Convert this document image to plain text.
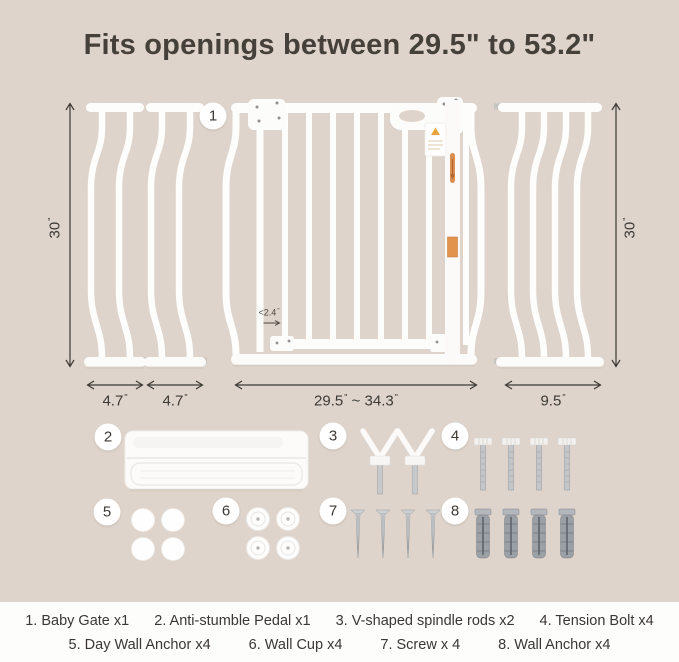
Fits openings between 29.5" to 53.2"
30"
30"
4.7" 4.7"	29.5" ~ 34.3"	9.5"
<2.4"
1
2	3	4
5	6	7	8
1. Baby Gate x1 2. Anti-stumble Pedal x1 3. V-shaped spindle rods x2 4. Tension Bolt x4
5. Day Wall Anchor x4	6. Wall Cup x4	7. Screw x 4	8. Wall Anchor x4
